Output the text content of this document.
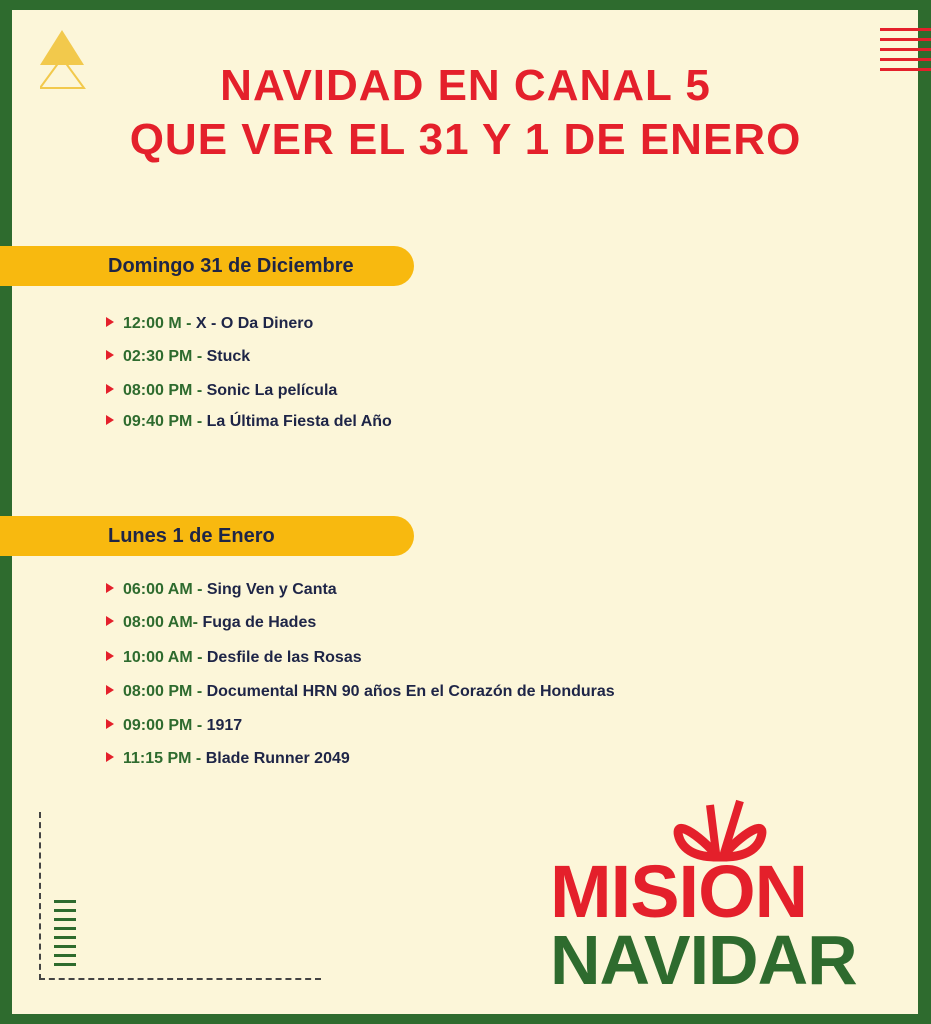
NAVIDAD EN CANAL 5
QUE VER EL 31 Y 1 DE ENERO
Domingo 31 de Diciembre
12:00 M - X - O Da Dinero
02:30 PM - Stuck
08:00 PM - Sonic La película
09:40 PM - La Última Fiesta del Año
Lunes 1 de Enero
06:00 AM - Sing Ven y Canta
08:00 AM- Fuga de Hades
10:00 AM - Desfile de las Rosas
08:00 PM - Documental HRN 90 años En el Corazón de Honduras
09:00 PM - 1917
11:15 PM - Blade Runner 2049
MISION
NAVIDAR
